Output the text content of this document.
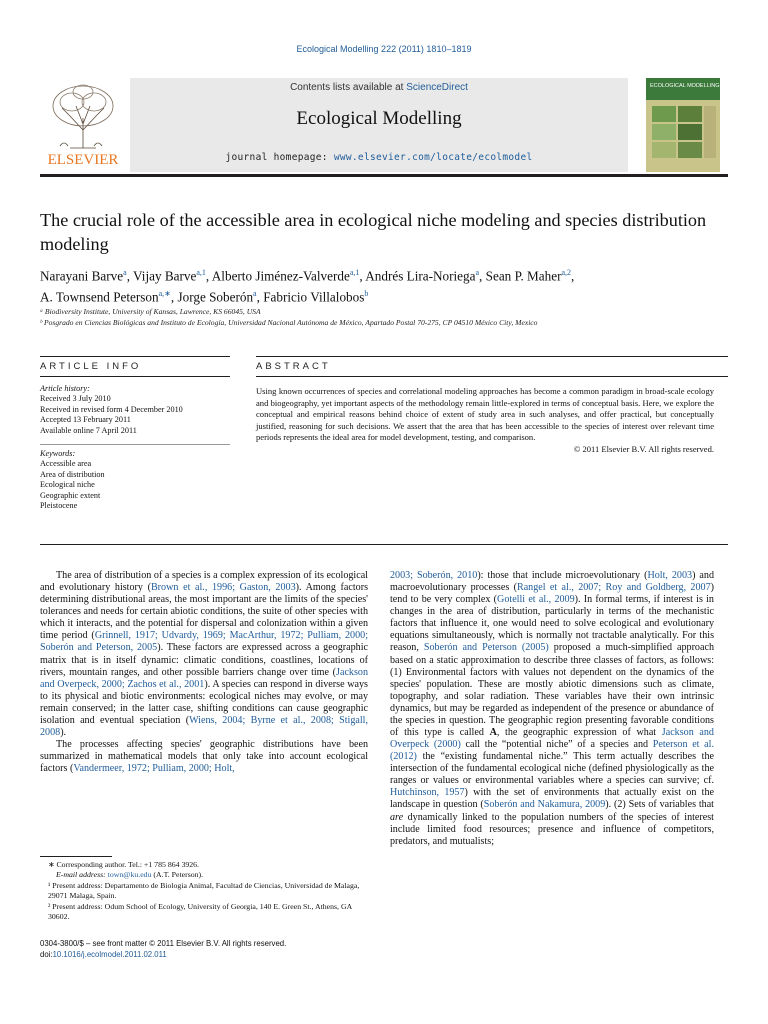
Ecological Modelling 222 (2011) 1810–1819
ELSEVIER
Contents lists available at ScienceDirect
Ecological Modelling
journal homepage: www.elsevier.com/locate/ecolmodel
ECOLOGICAL MODELLING
The crucial role of the accessible area in ecological niche modeling and species distribution modeling
Narayani Barve$^a$, Vijay Barve$^{a,1}$, Alberto Jiménez-Valverde$^{a,1}$, Andrés Lira-Noriega$^a$, Sean P. Maher$^{a,2}$,
A. Townsend Peterson$^{a,∗}$, Jorge Soberón$^a$, Fabricio Villalobos$^b$
ᵃ Biodiversity Institute, University of Kansas, Lawrence, KS 66045, USA
ᵇ Posgrado en Ciencias Biológicas and Instituto de Ecología, Universidad Nacional Autónoma de México, Apartado Postal 70-275, CP 04510 México City, Mexico
ARTICLE INFO	ABSTRACT
Article history:
Received 3 July 2010
Received in revised form 4 December 2010
Accepted 13 February 2011
Available online 7 April 2011
Keywords:
Accessible area
Area of distribution
Ecological niche
Geographic extent
Pleistocene
Using known occurrences of species and correlational modeling approaches has become a common paradigm in broad-scale ecology and biogeography, yet important aspects of the methodology remain little-explored in terms of conceptual basis. Here, we explore the conceptual and empirical reasons behind choice of extent of study area in such analyses, and offer practical, but conceptually justified, reasoning for such decisions. We assert that the area that has been accessible to the species of interest over relevant time periods represents the ideal area for model development, testing, and comparison.
© 2011 Elsevier B.V. All rights reserved.

The area of distribution of a species is a complex expression of its ecological and evolutionary history (Brown et al., 1996; Gaston, 2003). Among factors determining distributional areas, the most important are the limits of the species' tolerances and needs for certain abiotic conditions, the suite of other species with which it interacts, and the potential for dispersal and colonization within a given time period (Grinnell, 1917; Udvardy, 1969; MacArthur, 1972; Pulliam, 2000; Soberón and Peterson, 2005). These factors are expressed across a geographic matrix that is in itself dynamic: climatic conditions, coastlines, locations of rivers, mountain ranges, and other possible barriers change over time (Jackson and Overpeck, 2000; Zachos et al., 2001). A species can respond in diverse ways to its physical and biotic environments: ecological niches may evolve, or may remain conserved; in the latter case, shifting conditions can cause geographic isolation and eventual speciation (Wiens, 2004; Byrne et al., 2008; Stigall, 2008).

The processes affecting species' geographic distributions have been summarized in mathematical models that only take into account ecological factors (Vandermeer, 1972; Pulliam, 2000; Holt,

2003; Soberón, 2010): those that include microevolutionary (Holt, 2003) and macroevolutionary processes (Rangel et al., 2007; Roy and Goldberg, 2007) tend to be very complex (Gotelli et al., 2009). In formal terms, if interest is in changes in the area of distribution, particularly in terms of the mechanistic factors that influence it, one would need to solve ecological and evolutionary equations simultaneously, which is normally not tractable analytically. For this reason, Soberón and Peterson (2005) proposed a much-simplified approach based on a static approximation to describe three classes of factors, as follows: (1) Environmental factors with values not dependent on the dynamics of the species' population. These are mostly abiotic dimensions such as climate, topography, and solar radiation. These variables have their own intrinsic dynamics, but may be regarded as independent of the presence or abundance of the species in question. The geographic region presenting favorable conditions of this type is called A, the geographic expression of what Jackson and Overpeck (2000) call the “potential niche” of a species and Peterson et al. (2012) the “existing fundamental niche.” This term actually describes the intersection of the fundamental ecological niche (defined physiologically as the ranges or values or environmental variables where a species can survive; cf. Hutchinson, 1957) with the set of environments that actually exist on the landscape in question (Soberón and Nakamura, 2009). (2) Sets of variables that are dynamically linked to the population numbers of the species of interest include limited food resources; presence and influence of competitors, predators, and mutualists;

∗ Corresponding author. Tel.: +1 785 864 3926.

E-mail address: town@ku.edu (A.T. Peterson).

¹ Present address: Departamento de Biologia Animal, Facultad de Ciencias, Universidad de Malaga, 29071 Malaga, Spain.

² Present address: Odum School of Ecology, University of Georgia, 140 E. Green St., Athens, GA 30602.

0304-3800/$ – see front matter © 2011 Elsevier B.V. All rights reserved.
doi:10.1016/j.ecolmodel.2011.02.011
